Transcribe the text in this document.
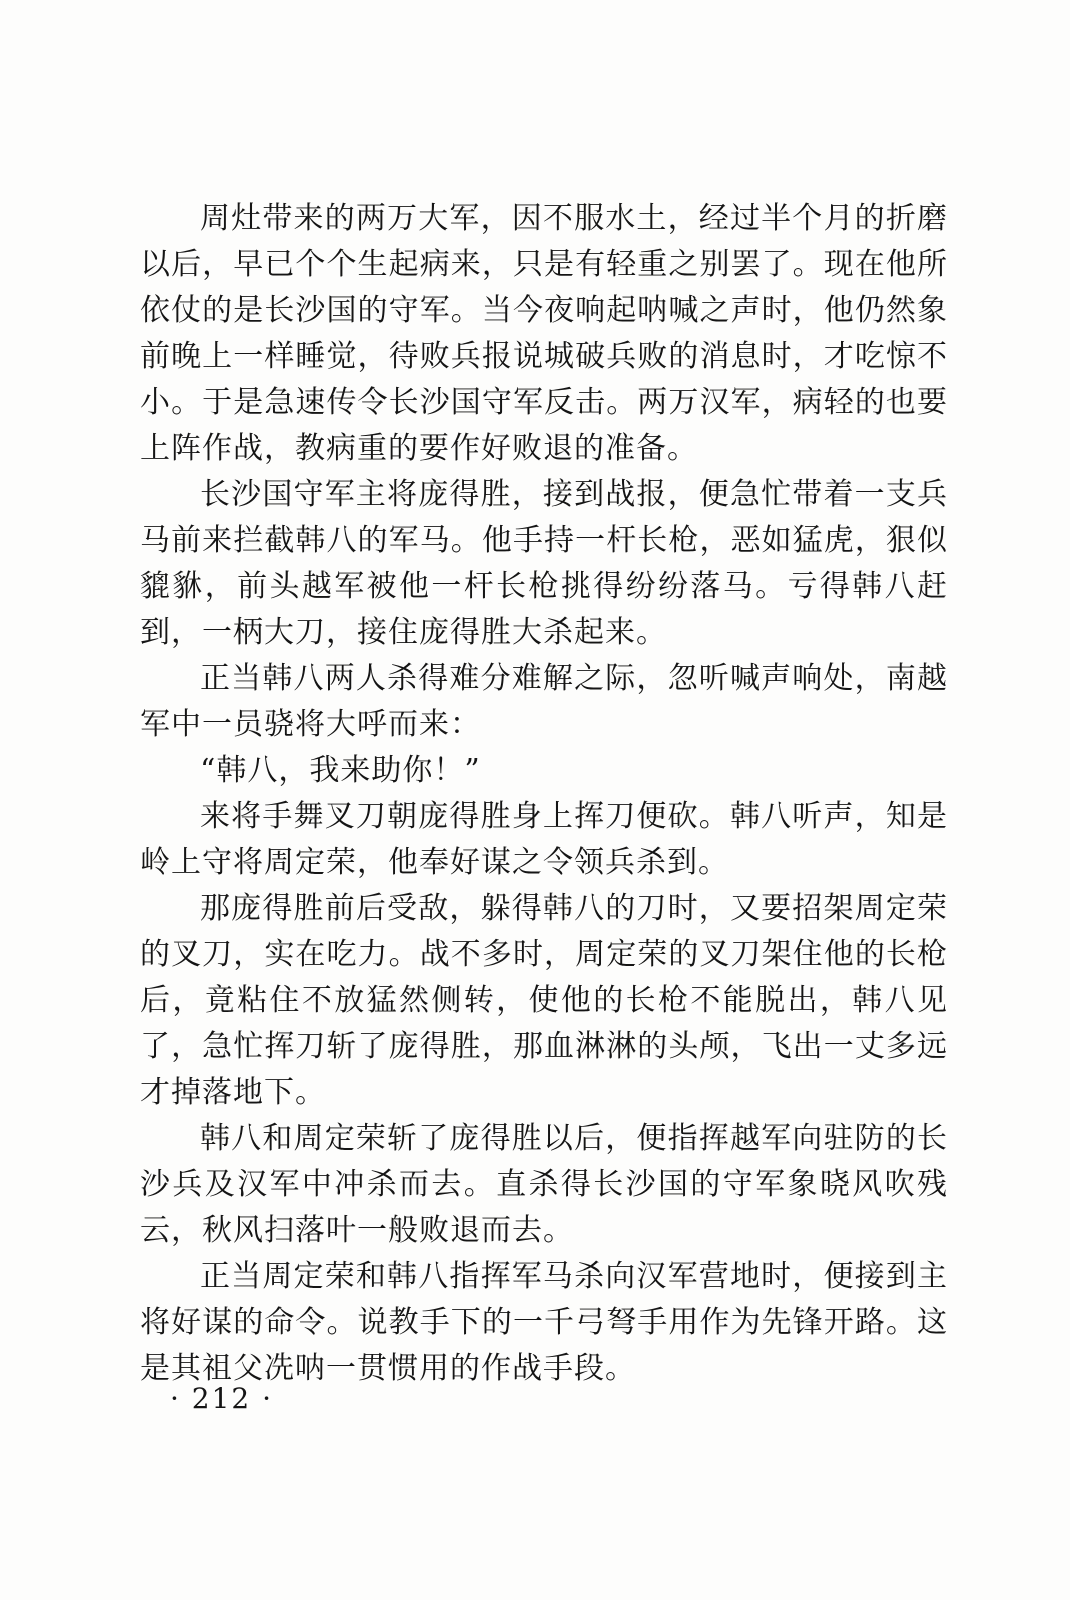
周灶带来的两万大军，因不服水土，经过半个月的折磨以后，早已个个生起病来，只是有轻重之别罢了。现在他所依仗的是长沙国的守军。当今夜响起呐喊之声时，他仍然象前晚上一样睡觉，待败兵报说城破兵败的消息时，才吃惊不小。于是急速传令长沙国守军反击。两万汉军，病轻的也要上阵作战，教病重的要作好败退的准备。

长沙国守军主将庞得胜，接到战报，便急忙带着一支兵马前来拦截韩八的军马。他手持一杆长枪，恶如猛虎，狠似貔貅，前头越军被他一杆长枪挑得纷纷落马。亏得韩八赶到，一柄大刀，接住庞得胜大杀起来。

正当韩八两人杀得难分难解之际，忽听喊声响处，南越军中一员骁将大呼而来：

“韩八，我来助你！”

来将手舞叉刀朝庞得胜身上挥刀便砍。韩八听声，知是岭上守将周定荣，他奉好谋之令领兵杀到。

那庞得胜前后受敌，躲得韩八的刀时，又要招架周定荣的叉刀，实在吃力。战不多时，周定荣的叉刀架住他的长枪后，竟粘住不放猛然侧转，使他的长枪不能脱出，韩八见了，急忙挥刀斩了庞得胜，那血淋淋的头颅，飞出一丈多远才掉落地下。

韩八和周定荣斩了庞得胜以后，便指挥越军向驻防的长沙兵及汉军中冲杀而去。直杀得长沙国的守军象晓风吹残云，秋风扫落叶一般败退而去。

正当周定荣和韩八指挥军马杀向汉军营地时，便接到主将好谋的命令。说教手下的一千弓弩手用作为先锋开路。这是其祖父冼呐一贯惯用的作战手段。

· 212 ·
